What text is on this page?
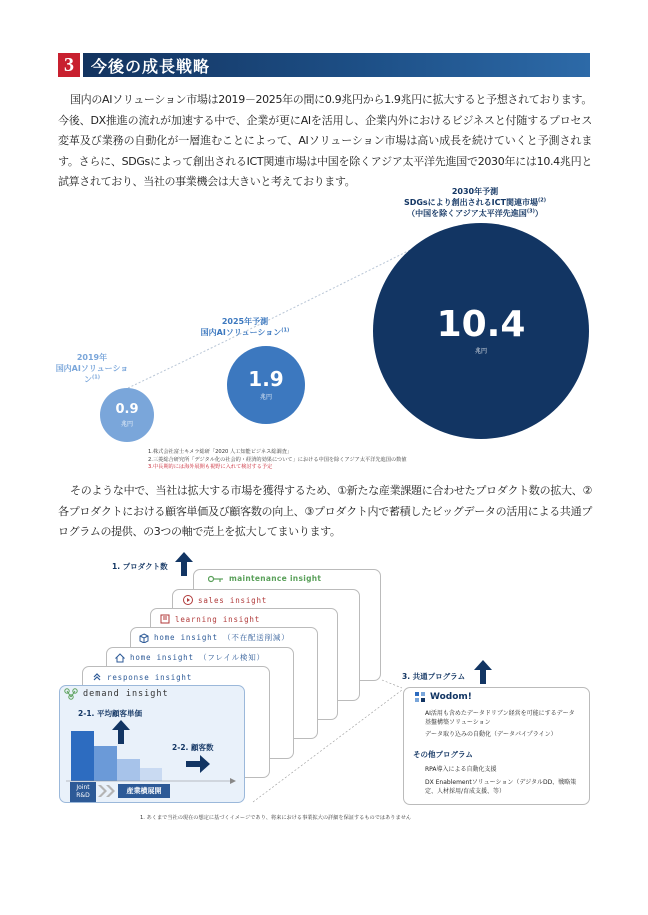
3	今後の成長戦略

国内のAIソリューション市場は2019－2025年の間に0.9兆円から1.9兆円に拡大すると予想されております。今後、DX推進の流れが加速する中で、企業が更にAIを活用し、企業内外におけるビジネスと付随するプロセス変革及び業務の自動化が一層進むことによって、AIソリューション市場は高い成長を続けていくと予測されます。さらに、SDGsによって創出されるICT関連市場は中国を除くアジア太平洋先進国で2030年には10.4兆円と試算されており、当社の事業機会は大きいと考えております。

2019年
国内AIソリューション$^{(1)}$
2025年予測
国内AIソリューション$^{(1)}$
2030年予測
SDGsにより創出されるICT関連市場$^{(2)}$
（中国を除くアジア太平洋先進国$^{(3)}$）
0.9
兆円
1.9
兆円
10.4
兆円
1.株式会社富士キメラ総研「2020 人工知能ビジネス総調査」
2.三菱総合研究所「デジタル化の社会的・経済的効果について」における中国を除くアジア太平洋先進国の数値
3.中長期的には海外展開も視野に入れて検討する予定

そのような中で、当社は拡大する市場を獲得するため、①新たな産業課題に合わせたプロダクト数の拡大、②各プロダクトにおける顧客単価及び顧客数の向上、③プロダクト内で蓄積したビッグデータの活用による共通プログラムの提供、の3つの軸で売上を拡大してまいります。

1. プロダクト数
maintenance insight
sales insight
learning insight
home insight （不在配送削減）
home insight （フレイル検知）
response insight
demand insight
2-1. 平均顧客単価
2-2. 顧客数
Joint R&D
産業横展開
3. 共通プログラム
Wodom!
AI活用も含めたデータドリブン経営を可能にするデータ基盤構築ソリューション
データ取り込みの自動化（データパイプライン）
その他プログラム
RPA導入による自動化支援
DX Enablementソリューション（デジタルDD、戦略策定、人材採用/育成支援、等）
1. あくまで当社の現在の想定に基づくイメージであり、将来における事業拡大の詳細を保証するものではありません
